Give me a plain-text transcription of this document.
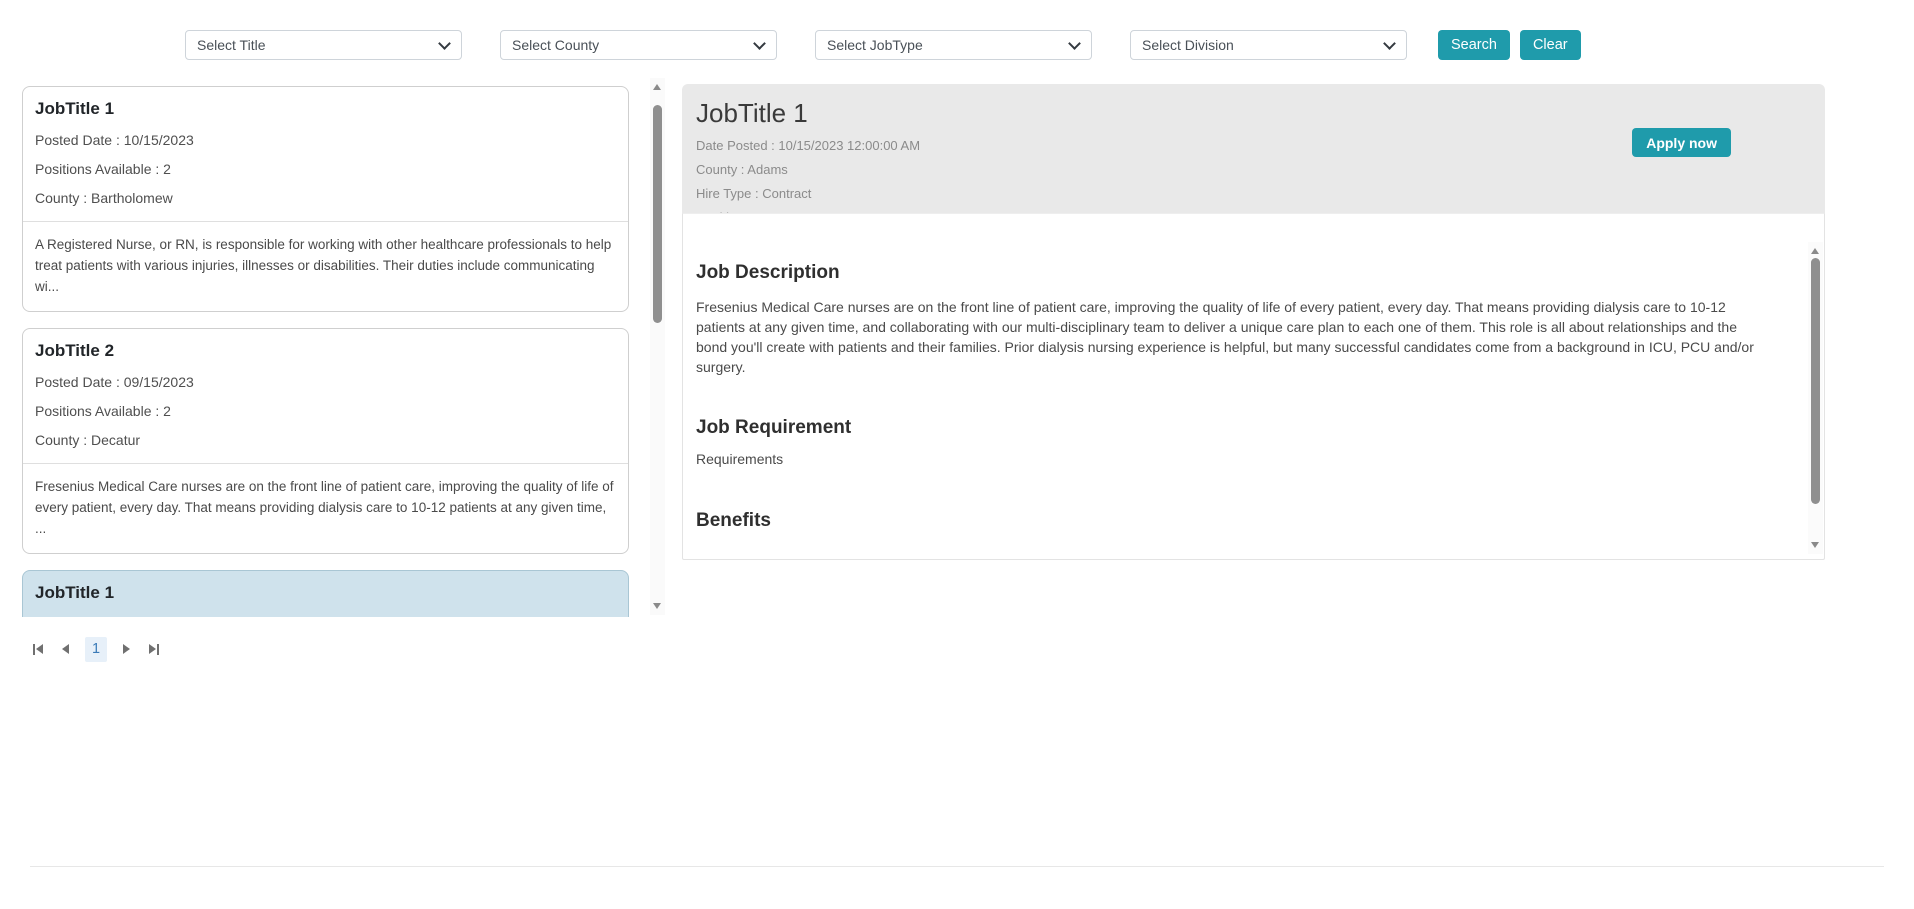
Select Title
Select County
Select JobType
Select Division
Search	Clear
JobTitle 1

Posted Date : 10/15/2023

Positions Available : 2

County : Bartholomew

A Registered Nurse, or RN, is responsible for working with other healthcare professionals to help treat patients with various injuries, illnesses or disabilities. Their duties include communicating wi...

JobTitle 2

Posted Date : 09/15/2023

Positions Available : 2

County : Decatur

Fresenius Medical Care nurses are on the front line of patient care, improving the quality of life of every patient, every day. That means providing dialysis care to 10-12 patients at any given time, ...

JobTitle 1

1
JobTitle 1

Date Posted : 10/15/2023 12:00:00 AM

County : Adams

Hire Type : Contract

Apply now
Job Description

Fresenius Medical Care nurses are on the front line of patient care, improving the quality of life of every patient, every day. That means providing dialysis care to 10-12 patients at any given time, and collaborating with our multi-disciplinary team to deliver a unique care plan to each one of them. This role is all about relationships and the bond you'll create with patients and their families. Prior dialysis nursing experience is helpful, but many successful candidates come from a background in ICU, PCU and/or surgery.

Job Requirement

Requirements

Benefits
